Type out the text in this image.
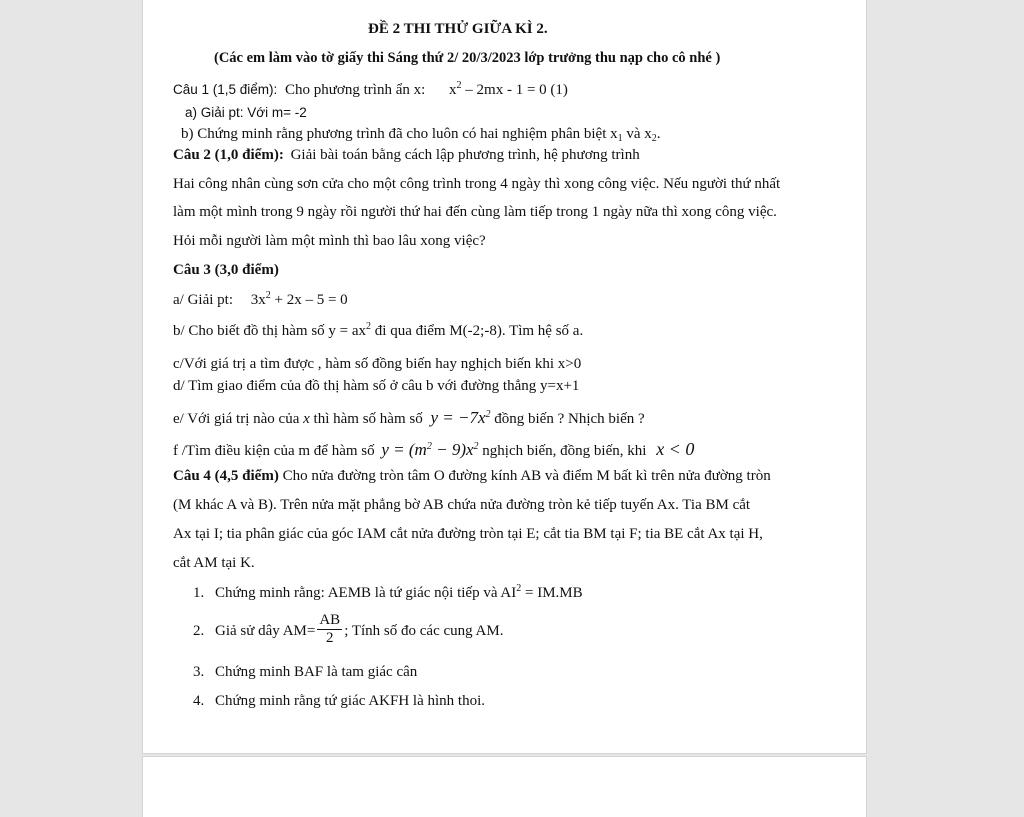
ĐỀ 2 THI THỬ GIỮA KÌ 2.
(Các em làm vào tờ giấy thi Sáng thứ 2/ 20/3/2023 lớp trưởng thu nạp cho cô nhé )
Câu 1 (1,5 điểm): Cho phương trình ẩn x: $x^2 - 2mx - 1 = 0$ (1)
a) Giải pt: Với m= -2
b) Chứng minh rằng phương trình đã cho luôn có hai nghiệm phân biệt $x_1$ và $x_2$.
Câu 2 (1,0 điểm): Giải bài toán bằng cách lập phương trình, hệ phương trình
Hai công nhân cùng sơn cửa cho một công trình trong 4 ngày thì xong công việc. Nếu người thứ nhất
làm một mình trong 9 ngày rồi người thứ hai đến cùng làm tiếp trong 1 ngày nữa thì xong công việc.
Hỏi mỗi người làm một mình thì bao lâu xong việc?
Câu 3 (3,0 điểm)
a/ Giải pt: $3x^2 + 2x - 5 = 0$
b/ Cho biết đồ thị hàm số $y = ax^2$ đi qua điểm M(-2;-8). Tìm hệ số a.
c/Với giá trị a tìm được , hàm số đồng biến hay nghịch biến khi x>0
d/ Tìm giao điểm của đồ thị hàm số ở câu b với đường thẳng y=x+1
e/ Với giá trị nào của x thì hàm số hàm số $y = -7x^2$ đồng biến ? Nhịch biến ?
f /Tìm điều kiện của m để hàm số $y = (m^2 - 9)x^2$ nghịch biến, đồng biến, khi x < 0
Câu 4 (4,5 điểm) Cho nửa đường tròn tâm O đường kính AB và điểm M bất kì trên nửa đường tròn
(M khác A và B). Trên nửa mặt phẳng bờ AB chứa nửa đường tròn kẻ tiếp tuyến Ax. Tia BM cắt
Ax tại I; tia phân giác của góc IAM cắt nửa đường tròn tại E; cắt tia BM tại F; tia BE cắt Ax tại H,
cắt AM tại K.
1. Chứng minh rằng: AEMB là tứ giác nội tiếp và $AI^2 = IM.MB$
2. Giả sử dây $AM= \frac{AB}{2}$ ; Tính số đo các cung AM.
3. Chứng minh BAF là tam giác cân
4. Chứng minh rằng tứ giác AKFH là hình thoi.
